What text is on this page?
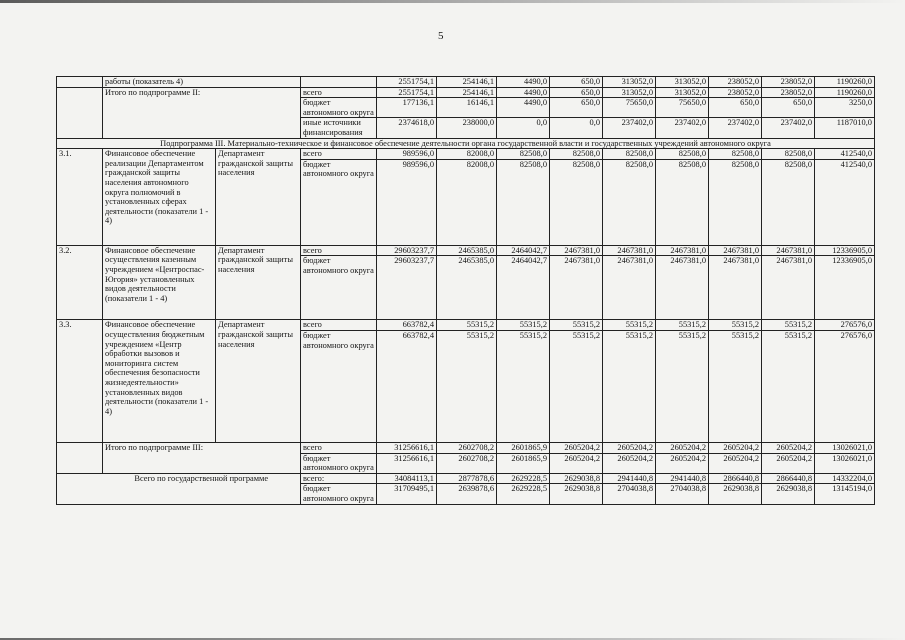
5
	работы (показатель 4)			2551754,1	254146,1	4490,0	650,0	313052,0	313052,0	238052,0	238052,0	1190260,0
	Итого по подпрограмме II:		всего	2551754,1	254146,1	4490,0	650,0	313052,0	313052,0	238052,0	238052,0	1190260,0
			бюджет автономного округа	177136,1	16146,1	4490,0	650,0	75650,0	75650,0	650,0	650,0	3250,0
			иные источники финансирования	2374618,0	238000,0	0,0	0,0	237402,0	237402,0	237402,0	237402,0	1187010,0
Подпрограмма III. Материально-техническое и финансовое обеспечение деятельности органа государственной власти и государственных учреждений автономного округа												
3.1.	Финансовое обеспечение реализации Департаментом гражданской защиты населения автономного округа полномочий в установленных сферах деятельности (показатели 1 - 4)	Департамент гражданской защиты населения	всего	989596,0	82008,0	82508,0	82508,0	82508,0	82508,0	82508,0	82508,0	412540,0
			бюджет автономного округа	989596,0	82008,0	82508,0	82508,0	82508,0	82508,0	82508,0	82508,0	412540,0
3.2.	Финансовое обеспечение осуществления казенным учреждением «Центроспас-Югория» установленных видов деятельности (показатели 1 - 4)	Департамент гражданской защиты населения	всего	29603237,7	2465385,0	2464042,7	2467381,0	2467381,0	2467381,0	2467381,0	2467381,0	12336905,0
			бюджет автономного округа	29603237,7	2465385,0	2464042,7	2467381,0	2467381,0	2467381,0	2467381,0	2467381,0	12336905,0
3.3.	Финансовое обеспечение осуществления бюджетным учреждением «Центр обработки вызовов и мониторинга систем обеспечения безопасности жизнедеятельности» установленных видов деятельности (показатели 1 - 4)	Департамент гражданской защиты населения	всего	663782,4	55315,2	55315,2	55315,2	55315,2	55315,2	55315,2	55315,2	276576,0
			бюджет автономного округа	663782,4	55315,2	55315,2	55315,2	55315,2	55315,2	55315,2	55315,2	276576,0
	Итого по подпрограмме III:		всего	31256616,1	2602708,2	2601865,9	2605204,2	2605204,2	2605204,2	2605204,2	2605204,2	13026021,0
			бюджет автономного округа	31256616,1	2602708,2	2601865,9	2605204,2	2605204,2	2605204,2	2605204,2	2605204,2	13026021,0
	Всего по государственной программе		всего:	34084113,1	2877878,6	2629228,5	2629038,8	2941440,8	2941440,8	2866440,8	2866440,8	14332204,0
			бюджет автономного округа	31709495,1	2639878,6	2629228,5	2629038,8	2704038,8	2704038,8	2629038,8	2629038,8	13145194,0
